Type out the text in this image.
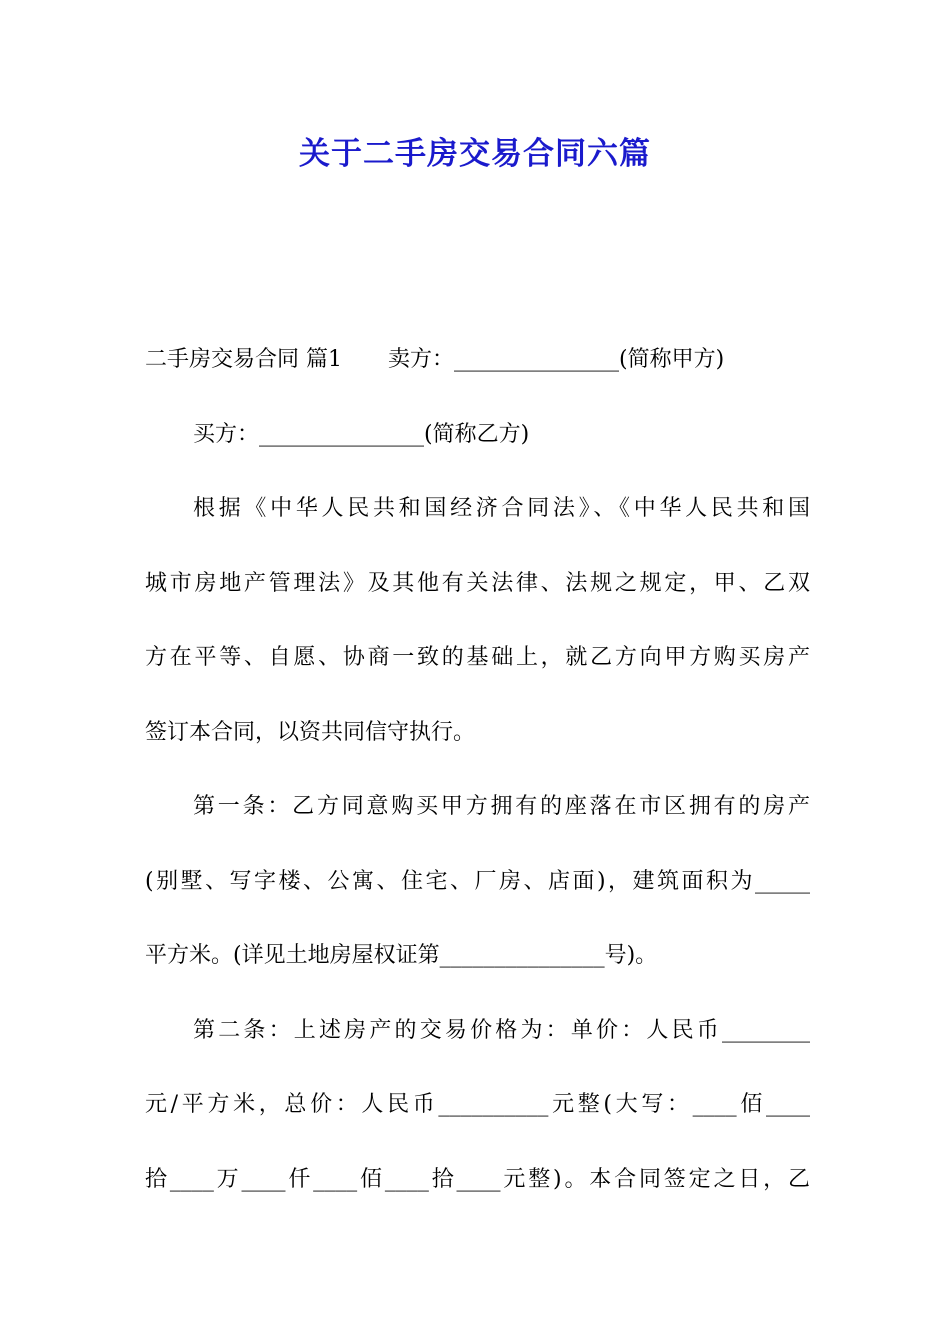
关于二手房交易合同六篇
二手房交易合同 篇1 卖方：_______________(简称甲方)
买方：_______________(简称乙方)
根据《中华人民共和国经济合同法》、《中华人民共和国
城市房地产管理法》及其他有关法律、法规之规定，甲、乙双
方在平等、自愿、协商一致的基础上，就乙方向甲方购买房产
签订本合同，以资共同信守执行。
第一条：乙方同意购买甲方拥有的座落在市区拥有的房产
(别墅、写字楼、公寓、住宅、厂房、店面)，建筑面积为_____
平方米。(详见土地房屋权证第_______________号)。
第二条：上述房产的交易价格为：单价：人民币________
元/平方米，总价：人民币__________元整(大写：____佰____
拾____万____仟____佰____拾____元整)。本合同签定之日，乙
